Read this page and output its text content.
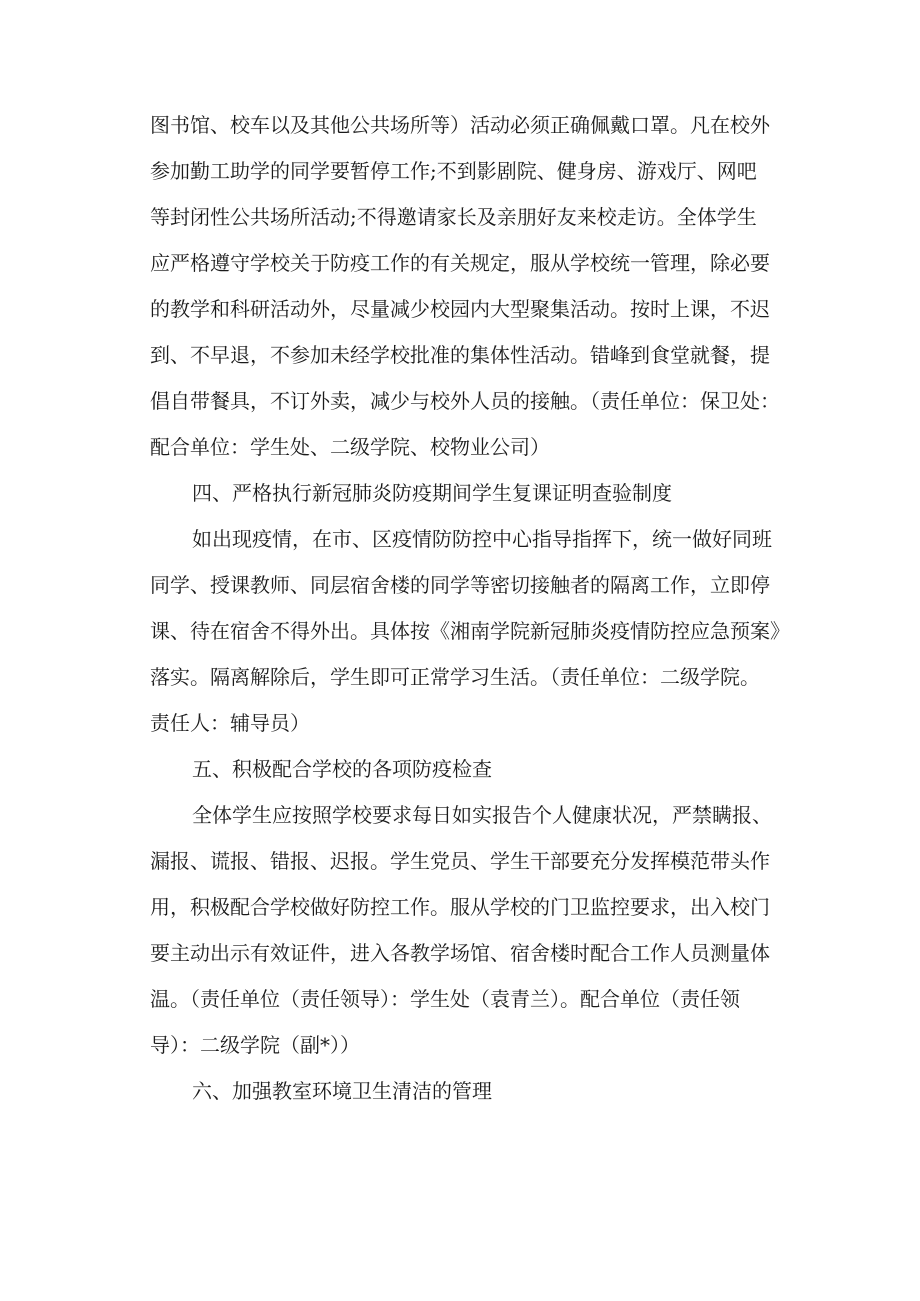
图书馆、校车以及其他公共场所等）活动必须正确佩戴口罩。凡在校外
参加勤工助学的同学要暂停工作;不到影剧院、健身房、游戏厅、网吧
等封闭性公共场所活动;不得邀请家长及亲朋好友来校走访。全体学生
应严格遵守学校关于防疫工作的有关规定，服从学校统一管理，除必要
的教学和科研活动外，尽量减少校园内大型聚集活动。按时上课，不迟
到、不早退，不参加未经学校批准的集体性活动。错峰到食堂就餐，提
倡自带餐具，不订外卖，减少与校外人员的接触。（责任单位：保卫处：
配合单位：学生处、二级学院、校物业公司）
四、严格执行新冠肺炎防疫期间学生复课证明查验制度
如出现疫情，在市、区疫情防防控中心指导指挥下，统一做好同班
同学、授课教师、同层宿舍楼的同学等密切接触者的隔离工作，立即停
课、待在宿舍不得外出。具体按《湘南学院新冠肺炎疫情防控应急预案》
落实。隔离解除后，学生即可正常学习生活。（责任单位：二级学院。
责任人：辅导员）
五、积极配合学校的各项防疫检查
全体学生应按照学校要求每日如实报告个人健康状况，严禁瞒报、
漏报、谎报、错报、迟报。学生党员、学生干部要充分发挥模范带头作
用，积极配合学校做好防控工作。服从学校的门卫监控要求，出入校门
要主动出示有效证件，进入各教学场馆、宿舍楼时配合工作人员测量体
温。（责任单位（责任领导）：学生处（袁青兰）。配合单位（责任领
导）：二级学院（副*））
六、加强教室环境卫生清洁的管理
